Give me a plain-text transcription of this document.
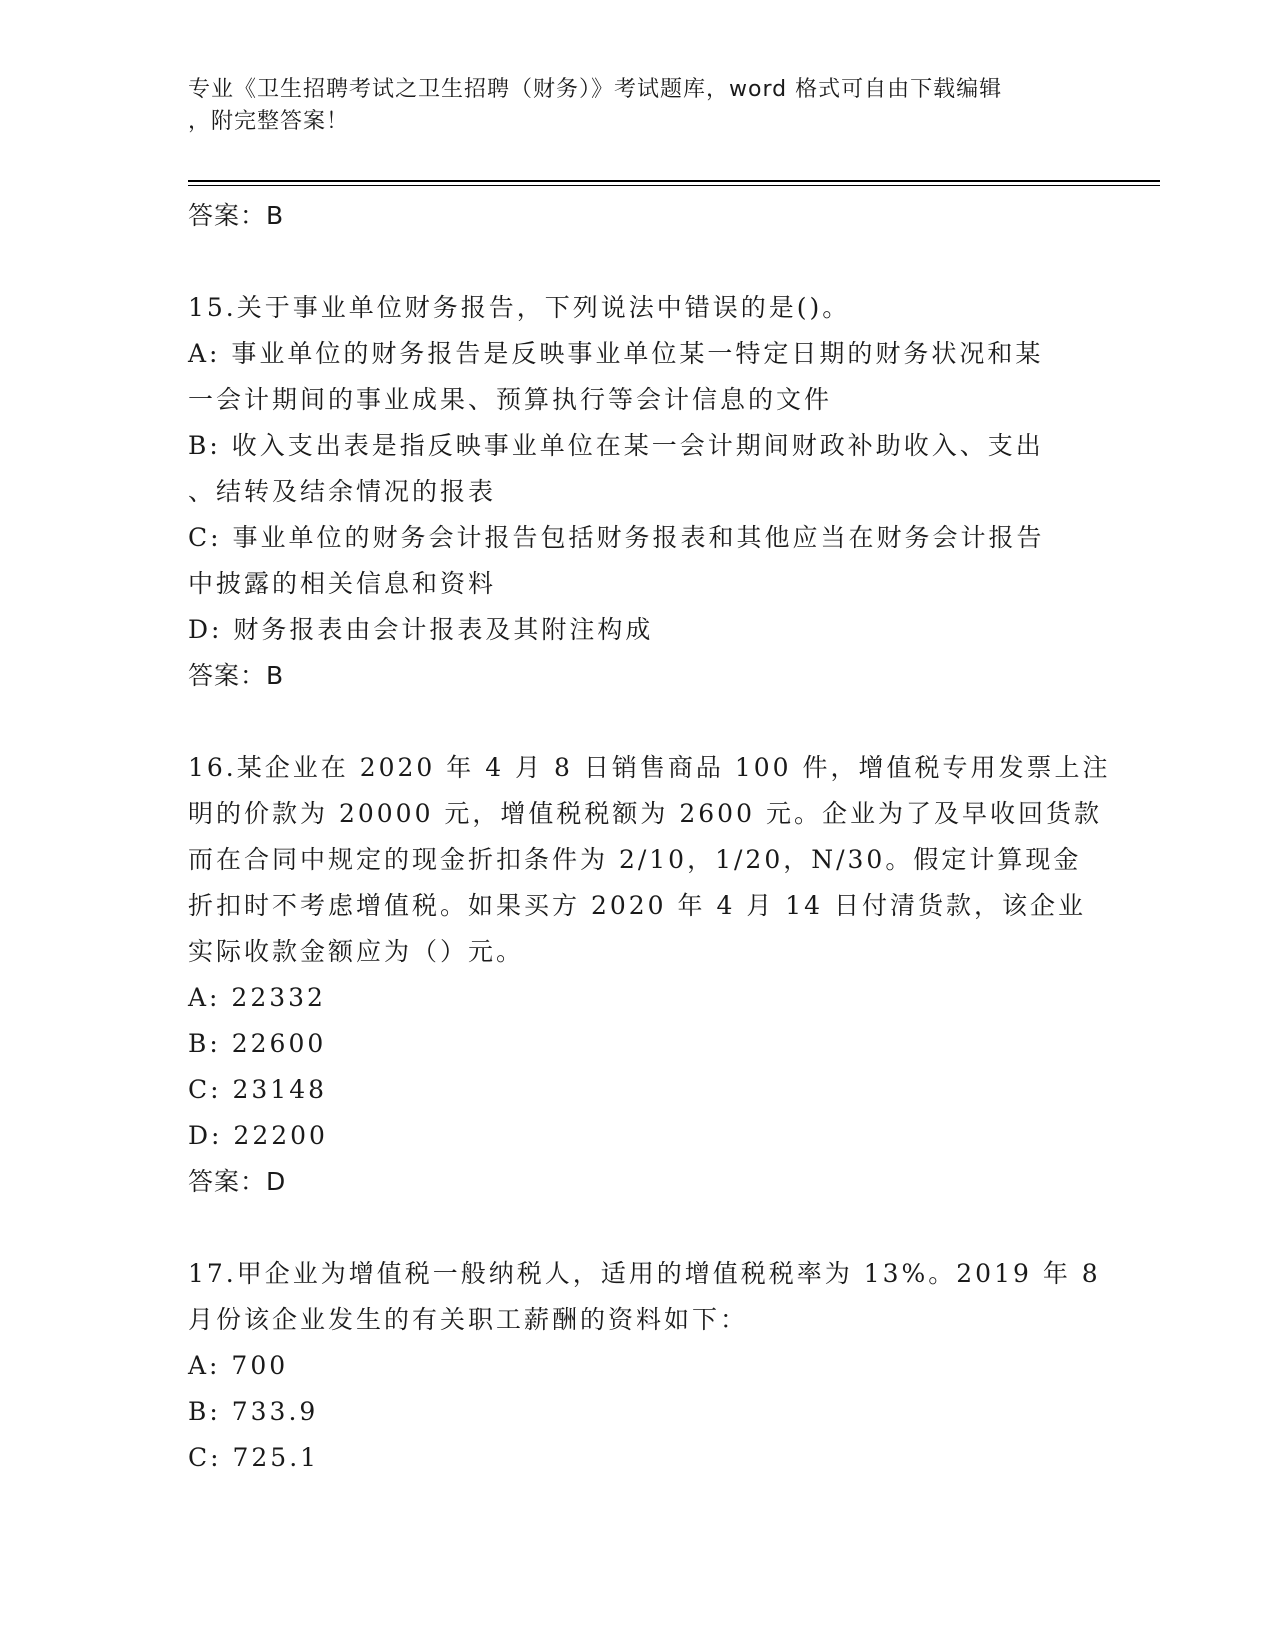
专业《卫生招聘考试之卫生招聘（财务）》考试题库，word 格式可自由下载编辑
，附完整答案！
答案：B
15.关于事业单位财务报告，下列说法中错误的是()。
A: 事业单位的财务报告是反映事业单位某一特定日期的财务状况和某
一会计期间的事业成果、预算执行等会计信息的文件
B: 收入支出表是指反映事业单位在某一会计期间财政补助收入、支出
、结转及结余情况的报表
C: 事业单位的财务会计报告包括财务报表和其他应当在财务会计报告
中披露的相关信息和资料
D: 财务报表由会计报表及其附注构成
答案：B
16.某企业在 2020 年 4 月 8 日销售商品 100 件，增值税专用发票上注
明的价款为 20000 元，增值税税额为 2600 元。企业为了及早收回货款
而在合同中规定的现金折扣条件为 2/10，1/20，N/30。假定计算现金
折扣时不考虑增值税。如果买方 2020 年 4 月 14 日付清货款，该企业
实际收款金额应为（）元。
A: 22332
B: 22600
C: 23148
D: 22200
答案：D
17.甲企业为增值税一般纳税人，适用的增值税税率为 13%。2019 年 8
月份该企业发生的有关职工薪酬的资料如下：
A: 700
B: 733.9
C: 725.1
